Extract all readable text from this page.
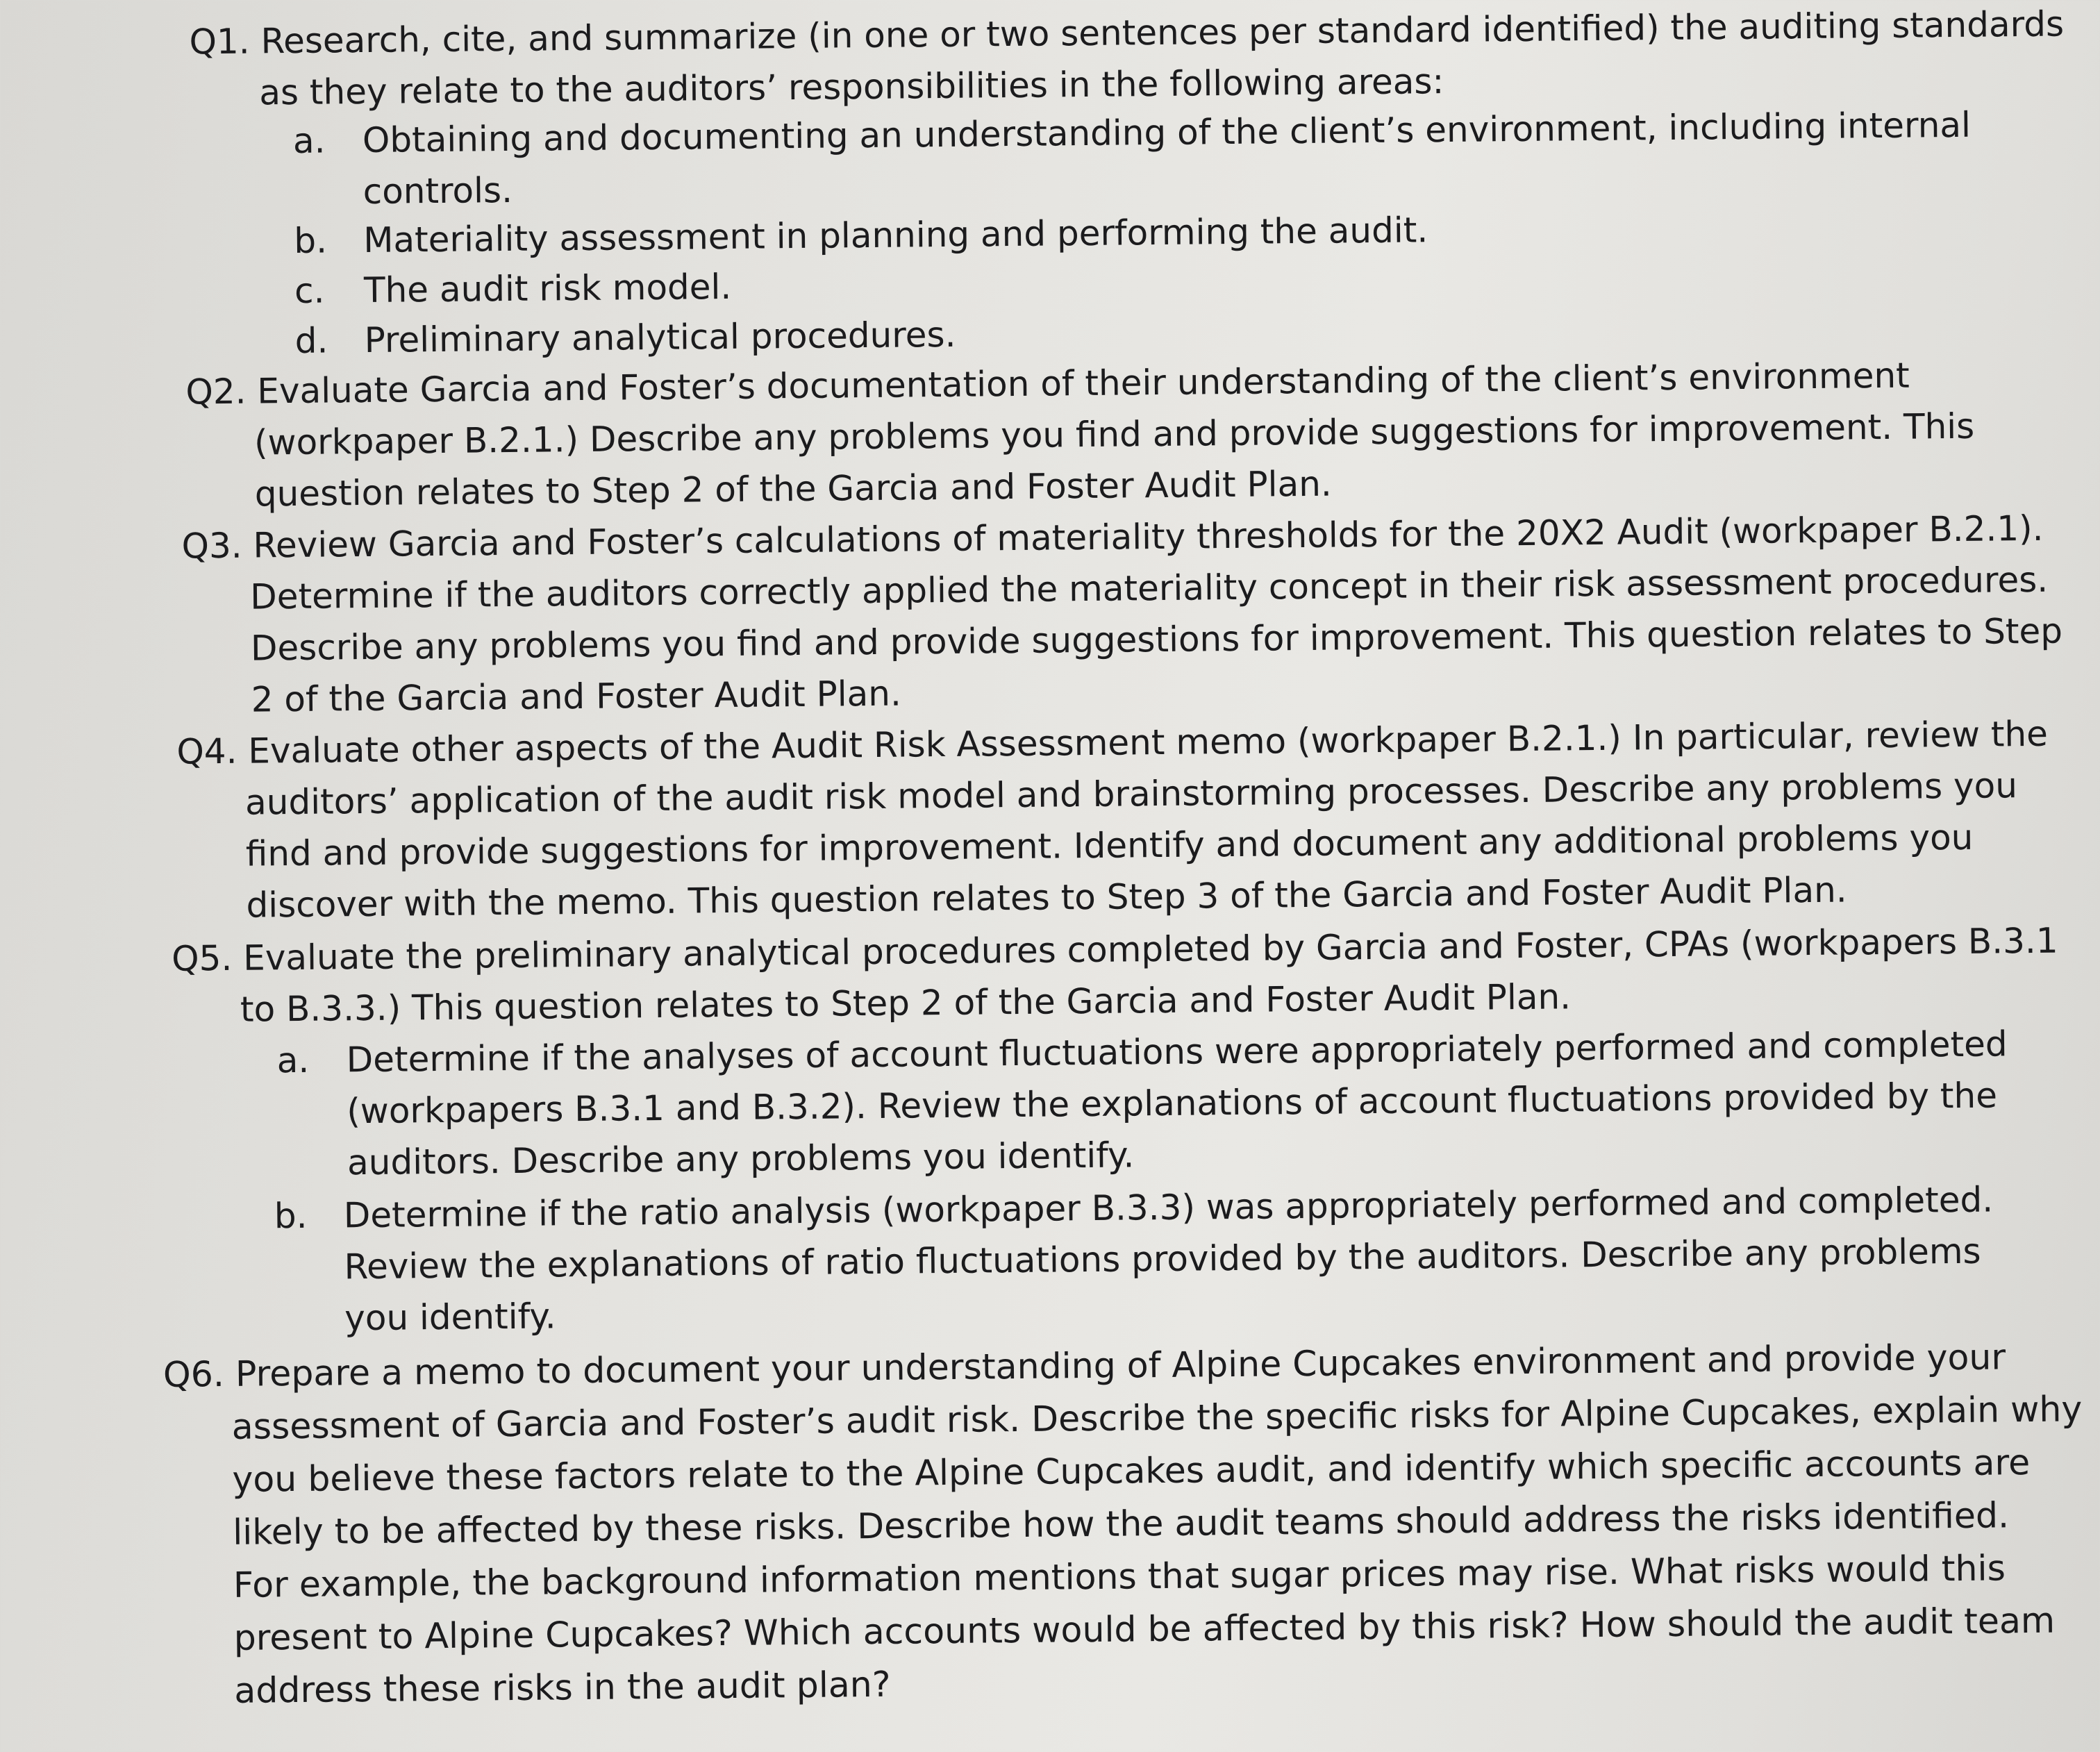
Q1. Research, cite, and summarize (in one or two sentences per standard identified) the auditing standards
as they relate to the auditors’ responsibilities in the following areas:
a. Obtaining and documenting an understanding of the client’s environment, including internal
controls.
b. Materiality assessment in planning and performing the audit.
c. The audit risk model.
d. Preliminary analytical procedures.
Q2. Evaluate Garcia and Foster’s documentation of their understanding of the client’s environment
(workpaper B.2.1.) Describe any problems you find and provide suggestions for improvement. This
question relates to Step 2 of the Garcia and Foster Audit Plan.
Q3. Review Garcia and Foster’s calculations of materiality thresholds for the 20X2 Audit (workpaper B.2.1).
Determine if the auditors correctly applied the materiality concept in their risk assessment procedures.
Describe any problems you find and provide suggestions for improvement. This question relates to Step
2 of the Garcia and Foster Audit Plan.
Q4. Evaluate other aspects of the Audit Risk Assessment memo (workpaper B.2.1.) In particular, review the
auditors’ application of the audit risk model and brainstorming processes. Describe any problems you
find and provide suggestions for improvement. Identify and document any additional problems you
discover with the memo. This question relates to Step 3 of the Garcia and Foster Audit Plan.
Q5. Evaluate the preliminary analytical procedures completed by Garcia and Foster, CPAs (workpapers B.3.1
to B.3.3.) This question relates to Step 2 of the Garcia and Foster Audit Plan.
a. Determine if the analyses of account fluctuations were appropriately performed and completed
(workpapers B.3.1 and B.3.2). Review the explanations of account fluctuations provided by the
auditors. Describe any problems you identify.
b. Determine if the ratio analysis (workpaper B.3.3) was appropriately performed and completed.
Review the explanations of ratio fluctuations provided by the auditors. Describe any problems
you identify.
Q6. Prepare a memo to document your understanding of Alpine Cupcakes environment and provide your
assessment of Garcia and Foster’s audit risk. Describe the specific risks for Alpine Cupcakes, explain why
you believe these factors relate to the Alpine Cupcakes audit, and identify which specific accounts are
likely to be affected by these risks. Describe how the audit teams should address the risks identified.
For example, the background information mentions that sugar prices may rise. What risks would this
present to Alpine Cupcakes? Which accounts would be affected by this risk? How should the audit team
address these risks in the audit plan?
